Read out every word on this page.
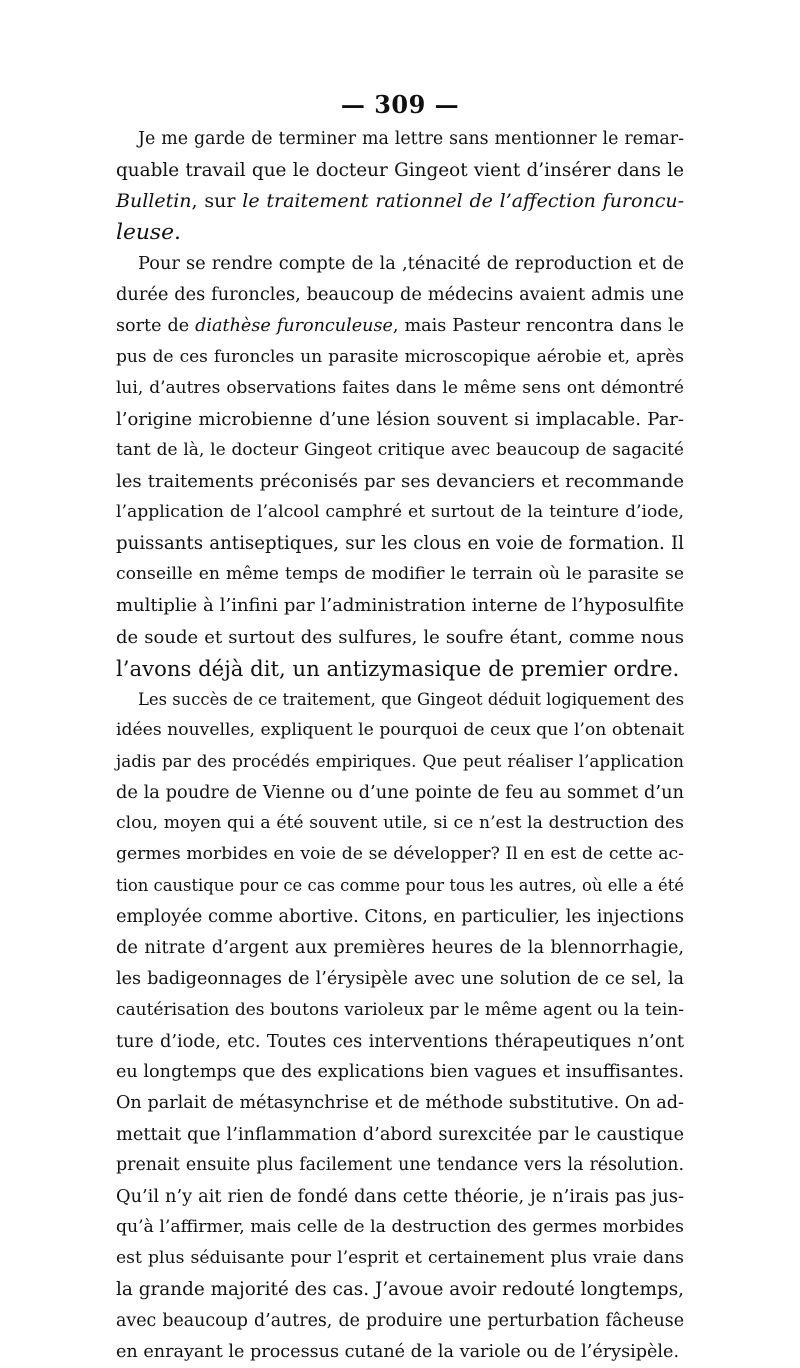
— 309 —
Je me garde de terminer ma lettre sans mentionner le remar-
quable travail que le docteur Gingeot vient d’insérer dans le
Bulletin, sur le traitement rationnel de l’affection furoncu-
leuse.
Pour se rendre compte de la ,ténacité de reproduction et de
durée des furoncles, beaucoup de médecins avaient admis une
sorte de diathèse furonculeuse, mais Pasteur rencontra dans le
pus de ces furoncles un parasite microscopique aérobie et, après
lui, d’autres observations faites dans le même sens ont démontré
l’origine microbienne d’une lésion souvent si implacable. Par-
tant de là, le docteur Gingeot critique avec beaucoup de sagacité
les traitements préconisés par ses devanciers et recommande
l’application de l’alcool camphré et surtout de la teinture d’iode,
puissants antiseptiques, sur les clous en voie de formation. Il
conseille en même temps de modifier le terrain où le parasite se
multiplie à l’infini par l’administration interne de l’hyposulfite
de soude et surtout des sulfures, le soufre étant, comme nous
l’avons déjà dit, un antizymasique de premier ordre.
Les succès de ce traitement, que Gingeot déduit logiquement des
idées nouvelles, expliquent le pourquoi de ceux que l’on obtenait
jadis par des procédés empiriques. Que peut réaliser l’application
de la poudre de Vienne ou d’une pointe de feu au sommet d’un
clou, moyen qui a été souvent utile, si ce n’est la destruction des
germes morbides en voie de se développer? Il en est de cette ac-
tion caustique pour ce cas comme pour tous les autres, où elle a été
employée comme abortive. Citons, en particulier, les injections
de nitrate d’argent aux premières heures de la blennorrhagie,
les badigeonnages de l’érysipèle avec une solution de ce sel, la
cautérisation des boutons varioleux par le même agent ou la tein-
ture d’iode, etc. Toutes ces interventions thérapeutiques n’ont
eu longtemps que des explications bien vagues et insuffisantes.
On parlait de métasynchrise et de méthode substitutive. On ad-
mettait que l’inflammation d’abord surexcitée par le caustique
prenait ensuite plus facilement une tendance vers la résolution.
Qu’il n’y ait rien de fondé dans cette théorie, je n’irais pas jus-
qu’à l’affirmer, mais celle de la destruction des germes morbides
est plus séduisante pour l’esprit et certainement plus vraie dans
la grande majorité des cas. J’avoue avoir redouté longtemps,
avec beaucoup d’autres, de produire une perturbation fâcheuse
en enrayant le processus cutané de la variole ou de l’érysipèle.
